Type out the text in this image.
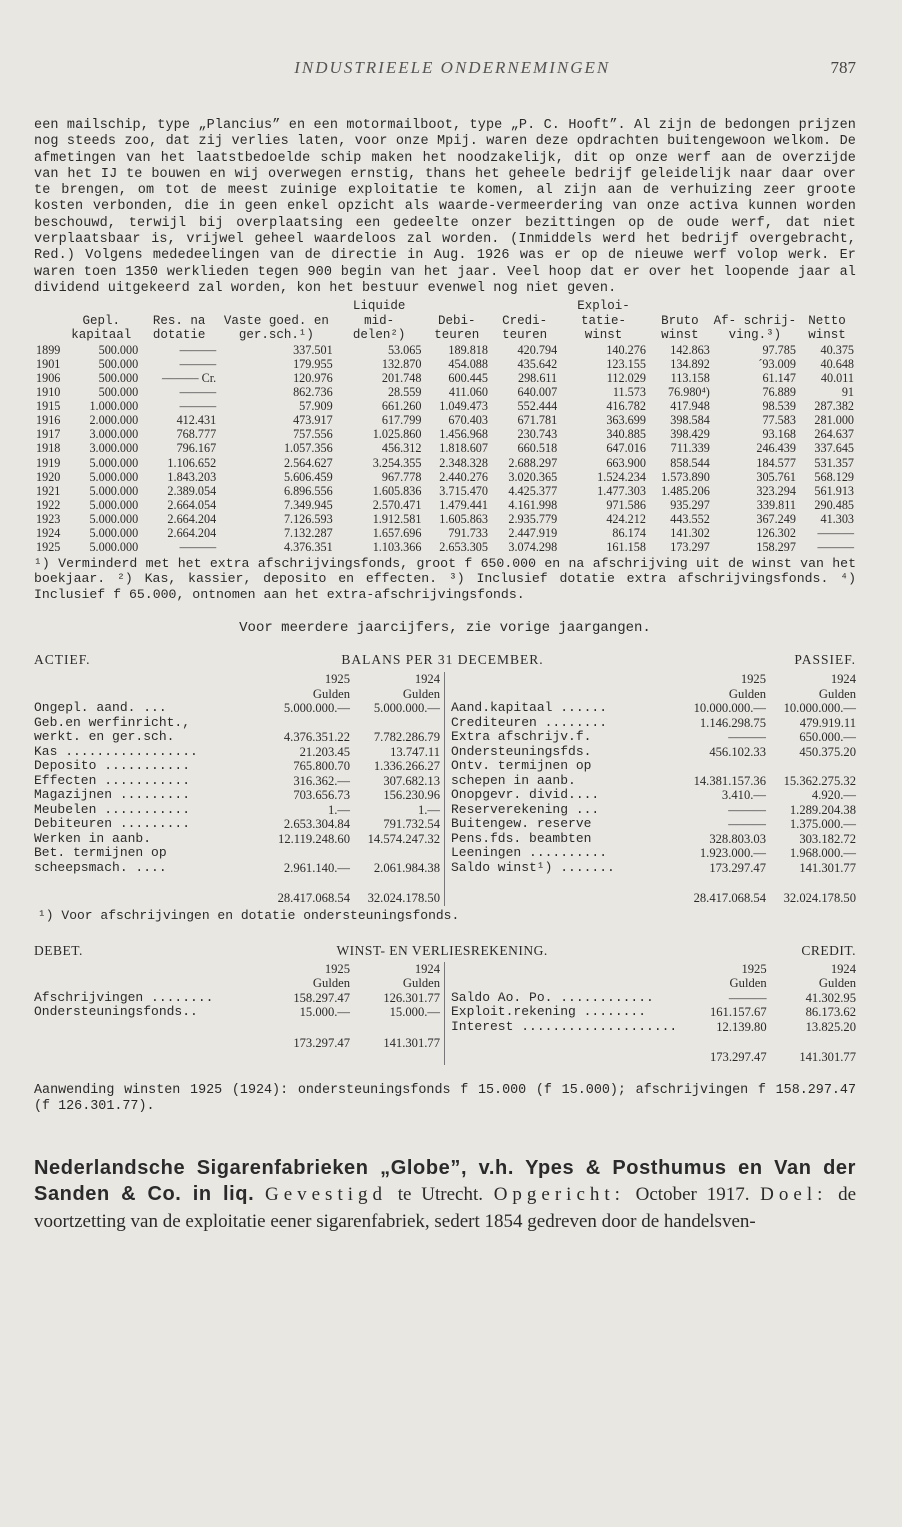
INDUSTRIEELE ONDERNEMINGEN	787
een mailschip, type „Plancius” en een motormailboot, type „P. C. Hooft”. Al zijn de bedongen prijzen nog steeds zoo, dat zij verlies laten, voor onze Mpij. waren deze opdrachten buitengewoon welkom. De afmetingen van het laatstbedoelde schip maken het noodzakelijk, dit op onze werf aan de overzijde van het IJ te bouwen en wij overwegen ernstig, thans het geheele bedrijf geleidelijk naar daar over te brengen, om tot de meest zuinige exploitatie te komen, al zijn aan de verhuizing zeer groote kosten verbonden, die in geen enkel opzicht als waarde-vermeerdering van onze activa kunnen worden beschouwd, terwijl bij overplaatsing een gedeelte onzer bezittingen op de oude werf, dat niet verplaatsbaar is, vrijwel geheel waardeloos zal worden. (Inmiddels werd het bedrijf overgebracht, Red.) Volgens mededeelingen van de directie in Aug. 1926 was er op de nieuwe werf volop werk. Er waren toen 1350 werklieden tegen 900 begin van het jaar. Veel hoop dat er over het loopende jaar al dividend uitgekeerd zal worden, kon het bestuur evenwel nog niet geven.
	Gepl. kapitaal	Res. na dotatie	Vaste goed. en ger.sch.¹)	Liquide mid- delen²)	Debi- teuren	Credi- teuren	Exploi- tatie- winst	Bruto winst	Af- schrij- ving.³)	Netto winst
1899	500.000	———	337.501	53.065	189.818	420.794	140.276	142.863	97.785	40.375
1901	500.000	———	179.955	132.870	454.088	435.642	123.155	134.892	´93.009	40.648
1906	500.000	——— Cr.	120.976	201.748	600.445	298.611	112.029	113.158	61.147	40.011
1910	500.000	———	862.736	28.559	411.060	640.007	11.573	76.980⁴)	76.889	91
1915	1.000.000	———	57.909	661.260	1.049.473	552.444	416.782	417.948	98.539	287.382
1916	2.000.000	412.431	473.917	617.799	670.403	671.781	363.699	398.584	77.583	281.000
1917	3.000.000	768.777	757.556	1.025.860	1.456.968	230.743	340.885	398.429	93.168	264.637
1918	3.000.000	796.167	1.057.356	456.312	1.818.607	660.518	647.016	711.339	246.439	337.645
1919	5.000.000	1.106.652	2.564.627	3.254.355	2.348.328	2.688.297	663.900	858.544	184.577	531.357
1920	5.000.000	1.843.203	5.606.459	967.778	2.440.276	3.020.365	1.524.234	1.573.890	305.761	568.129
1921	5.000.000	2.389.054	6.896.556	1.605.836	3.715.470	4.425.377	1.477.303	1.485.206	323.294	561.913
1922	5.000.000	2.664.054	7.349.945	2.570.471	1.479.441	4.161.998	971.586	935.297	339.811	290.485
1923	5.000.000	2.664.204	7.126.593	1.912.581	1.605.863	2.935.779	424.212	443.552	367.249	41.303
1924	5.000.000	2.664.204	7.132.287	1.657.696	791.733	2.447.919	86.174	141.302	126.302	———
1925	5.000.000	———	4.376.351	1.103.366	2.653.305	3.074.298	161.158	173.297	158.297	———
¹) Verminderd met het extra afschrijvingsfonds, groot f 650.000 en na afschrijving uit de winst van het boekjaar. ²) Kas, kassier, deposito en effecten. ³) Inclusief dotatie extra afschrijvingsfonds. ⁴) Inclusief f 65.000, ontnomen aan het extra-afschrijvingsfonds.
Voor meerdere jaarcijfers, zie vorige jaargangen.
ACTIEF.	BALANS PER 31 DECEMBER.	PASSIEF.
	1925	1924
	Gulden	Gulden
Ongepl. aand. ...	5.000.000.—	5.000.000.—
Geb.en werfinricht.,		
werkt. en ger.sch.	4.376.351.22	7.782.286.79
Kas .................	21.203.45	13.747.11
Deposito ...........	765.800.70	1.336.266.27
Effecten ...........	316.362.—	307.682.13
Magazijnen .........	703.656.73	156.230.96
Meubelen ...........	1.—	1.—
Debiteuren .........	2.653.304.84	791.732.54
Werken in aanb.	12.119.248.60	14.574.247.32
Bet. termijnen op		
scheepsmach. ....	2.961.140.—	2.061.984.38
	28.417.068.54	32.024.178.50
	1925	1924
	Gulden	Gulden
Aand.kapitaal ......	10.000.000.—	10.000.000.—
Crediteuren ........	1.146.298.75	479.919.11
Extra afschrijv.f.	———	650.000.—
Ondersteuningsfds.	456.102.33	450.375.20
Ontv. termijnen op		
schepen in aanb.	14.381.157.36	15.362.275.32
Onopgevr. divid....	3.410.—	4.920.—
Reserverekening ...	———	1.289.204.38
Buitengew. reserve	———	1.375.000.—
Pens.fds. beambten	328.803.03	303.182.72
Leeningen ..........	1.923.000.—	1.968.000.—
Saldo winst¹) .......	173.297.47	141.301.77
	28.417.068.54	32.024.178.50
¹) Voor afschrijvingen en dotatie ondersteuningsfonds.
DEBET.	WINST- EN VERLIESREKENING.	CREDIT.
	1925	1924
	Gulden	Gulden
Afschrijvingen ........	158.297.47	126.301.77
Ondersteuningsfonds..	15.000.—	15.000.—
	173.297.47	141.301.77
	1925	1924
	Gulden	Gulden
Saldo Ao. Po. ............	———	41.302.95
Exploit.rekening ........	161.157.67	86.173.62
Interest ....................	12.139.80	13.825.20
	173.297.47	141.301.77
Aanwending winsten 1925 (1924): ondersteuningsfonds f 15.000 (f 15.000); afschrijvingen f 158.297.47 (f 126.301.77).
Nederlandsche Sigarenfabrieken „Globe”, v.h. Ypes & Posthumus en Van der Sanden & Co. in liq. Gevestigd te Utrecht. Opgericht: October 1917. Doel: de voortzetting van de exploitatie eener sigarenfabriek, sedert 1854 gedreven door de handelsven-
